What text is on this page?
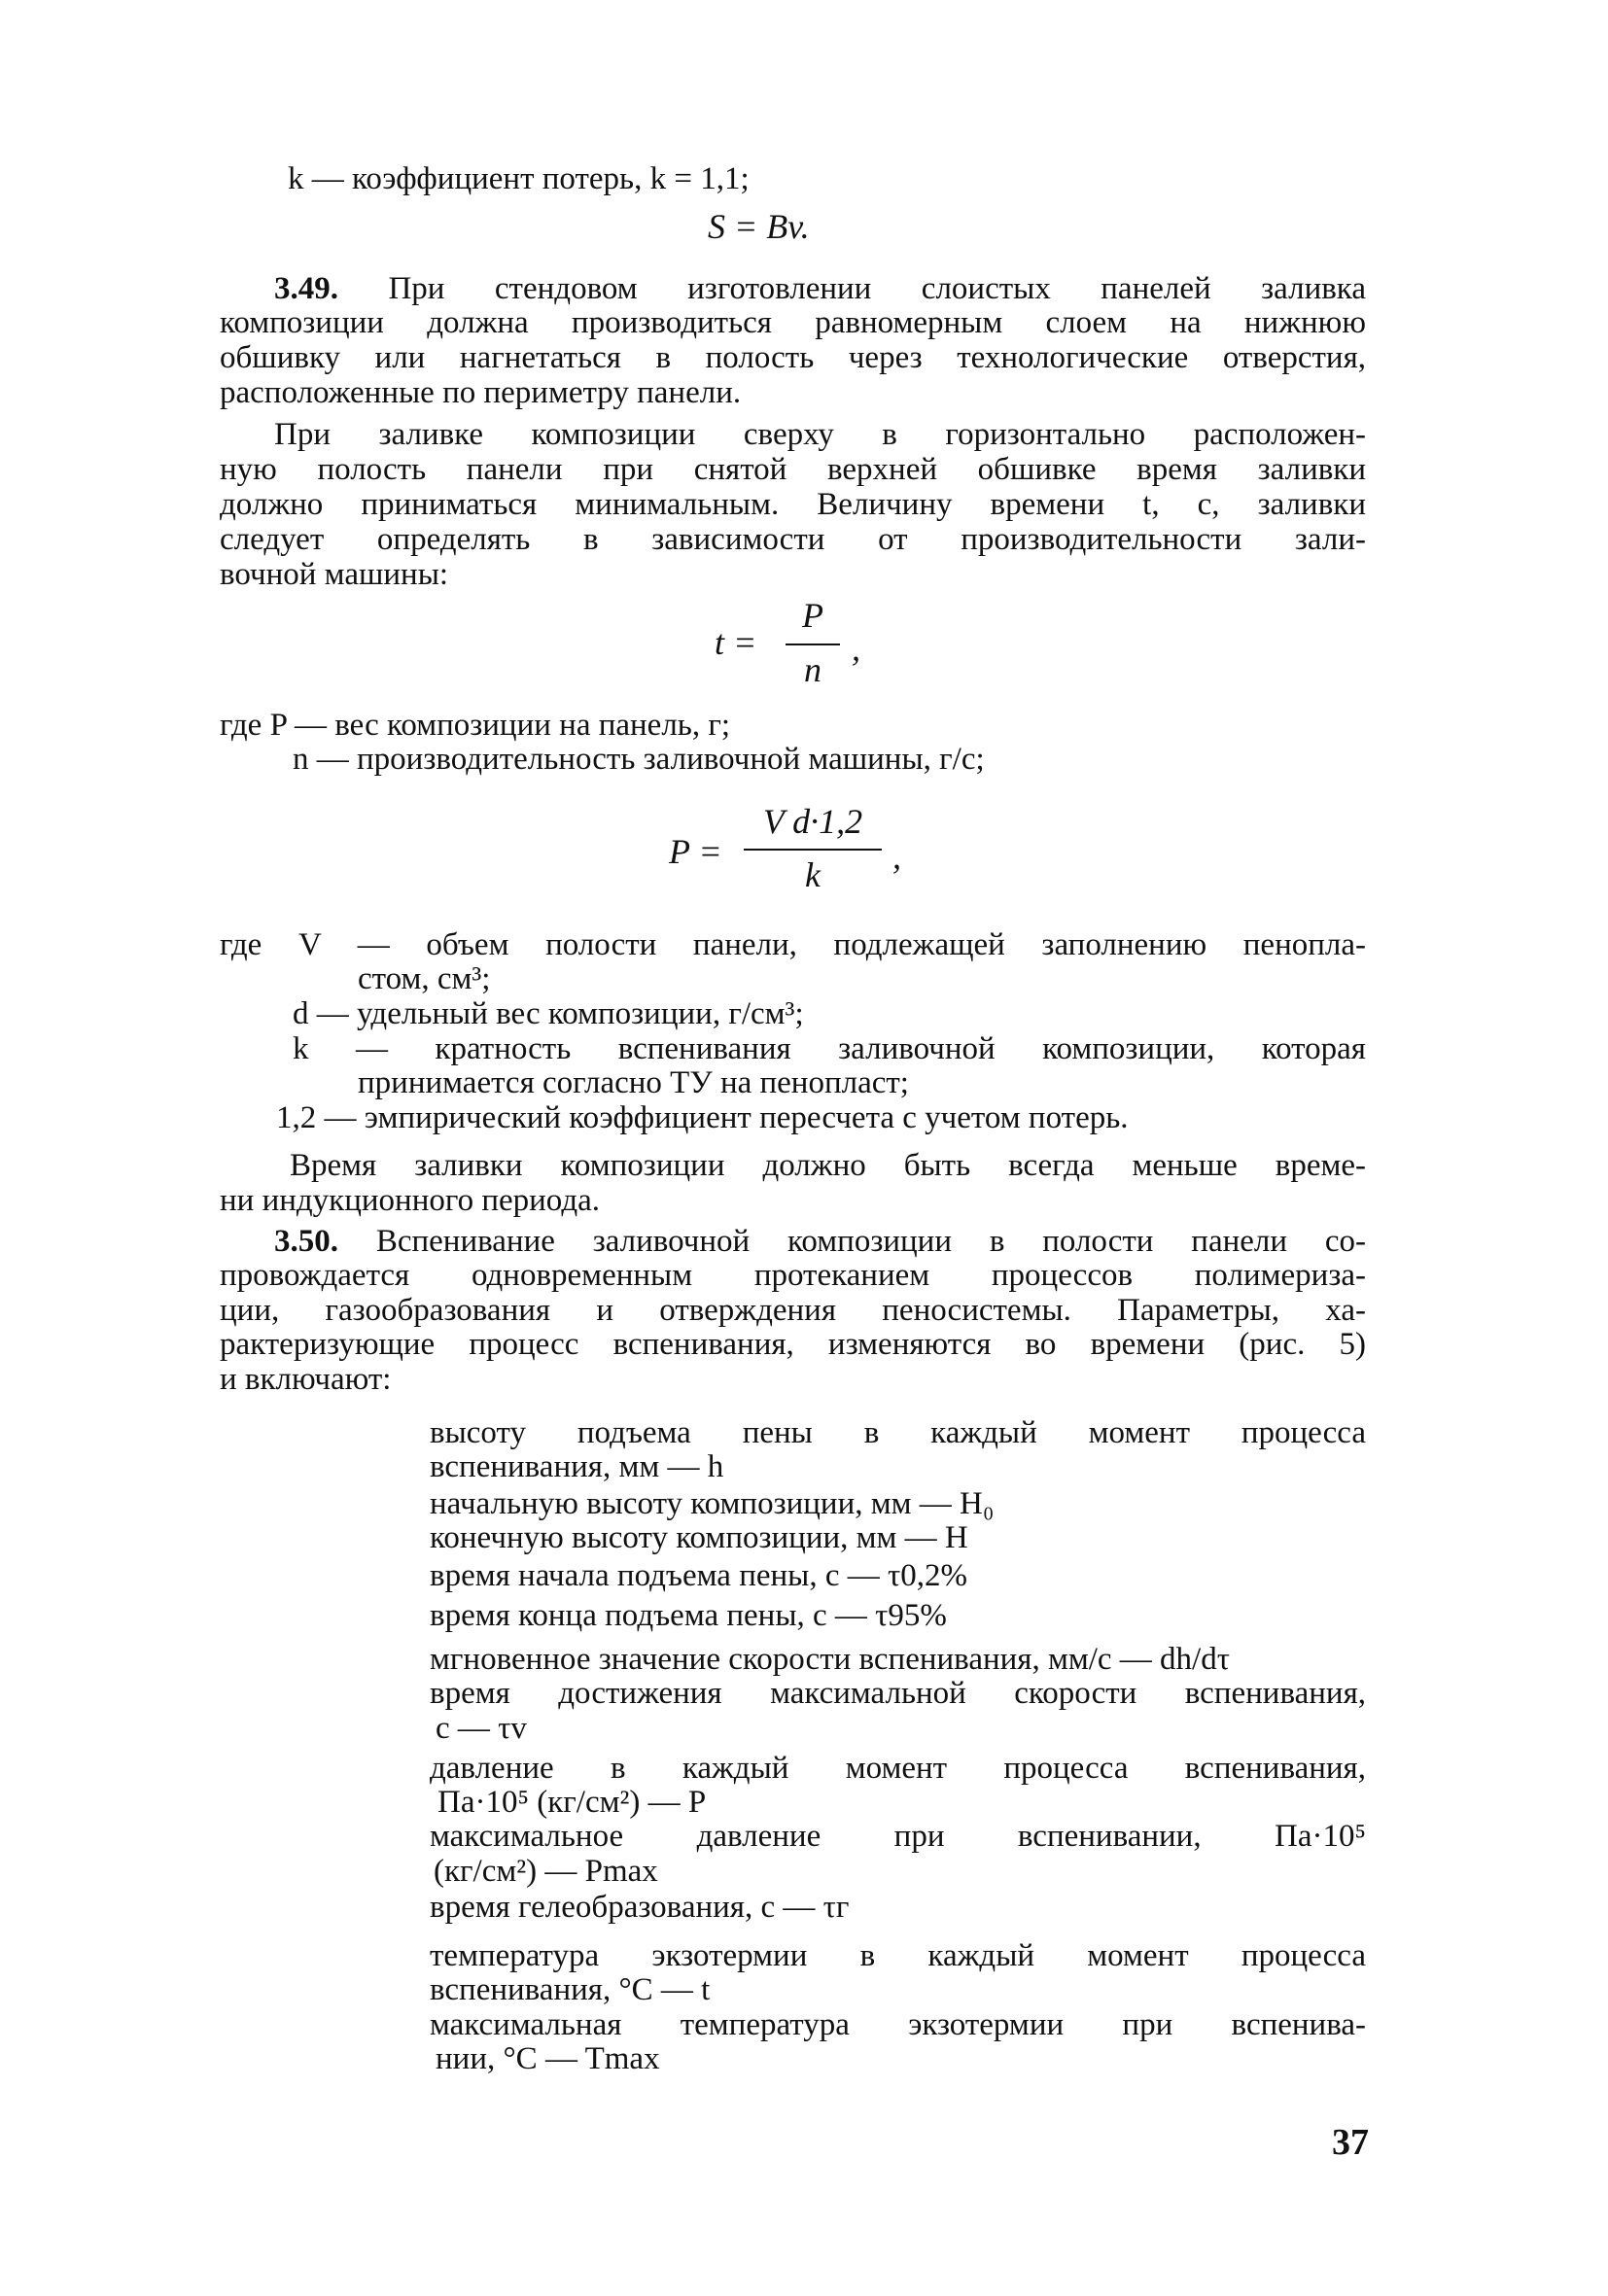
k — коэффициент потерь, k = 1,1;
S = Bv.
3.49. При стендовом изготовлении слоистых панелей заливка
композиции должна производиться равномерным слоем на нижнюю
обшивку или нагнетаться в полость через технологические отверстия,
расположенные по периметру панели.
При заливке композиции сверху в горизонтально расположен-
ную полость панели при снятой верхней обшивке время заливки
должно приниматься минимальным. Величину времени t, с, заливки
следует определять в зависимости от производительности зали-
вочной машины:
t =
P
n
,
где P — вес композиции на панель, г;
n — производительность заливочной машины, г/с;
P =
V d·1,2
k	,
где V — объем полости панели, подлежащей заполнению пенопла-
стом, см³;
d — удельный вес композиции, г/см³;
k — кратность вспенивания заливочной композиции, которая
принимается согласно ТУ на пенопласт;
1,2 — эмпирический коэффициент пересчета с учетом потерь.
Время заливки композиции должно быть всегда меньше време-
ни индукционного периода.
3.50. Вспенивание заливочной композиции в полости панели со-
провождается одновременным протеканием процессов полимериза-
ции, газообразования и отверждения пеносистемы. Параметры, ха-
рактеризующие процесс вспенивания, изменяются во времени (рис. 5)
и включают:
высоту подъема пены в каждый момент процесса
вспенивания, мм — h
начальную высоту композиции, мм — H₀
конечную высоту композиции, мм — H
время начала подъема пены, с — τ0,2%
время конца подъема пены, с — τ95%
мгновенное значение скорости вспенивания, мм/с — dh/dτ
время достижения максимальной скорости вспенивания,
с — τv
давление в каждый момент процесса вспенивания,
Па·10⁵ (кг/см²) — P
максимальное давление при вспенивании, Па·10⁵
(кг/см²) — Pmax
время гелеобразования, с — τг
температура экзотермии в каждый момент процесса
вспенивания, °C — t
максимальная температура экзотермии при вспенива-
нии, °C — Tmax
37
